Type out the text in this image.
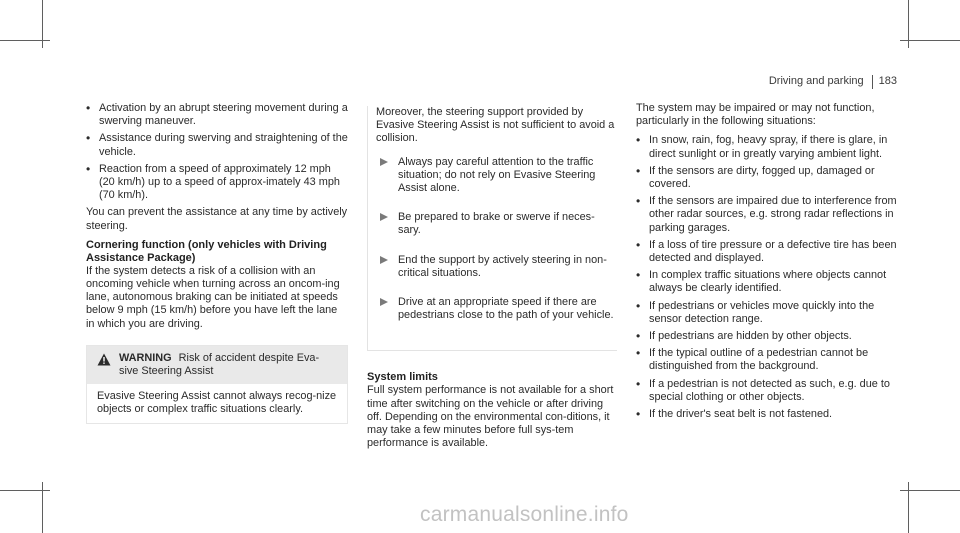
Driving and parking 183
• Activation by an abrupt steering movement during a swerving maneuver.
• Assistance during swerving and straightening of the vehicle.
• Reaction from a speed of approximately 12 mph (20 km/h) up to a speed of approx-imately 43 mph (70 km/h).

You can prevent the assistance at any time by actively steering.

Cornering function (only vehicles with Driving Assistance Package)

If the system detects a risk of a collision with an oncoming vehicle when turning across an oncom-ing lane, autonomous braking can be initiated at speeds below 9 mph (15 km/h) before you have left the lane in which you are driving.

WARNING Risk of accident despite Eva-sive Steering Assist
Evasive Steering Assist cannot always recog-nize objects or complex traffic situations clearly.

Moreover, the steering support provided by Evasive Steering Assist is not sufficient to avoid a collision.

Always pay careful attention to the traffic situation; do not rely on Evasive Steering Assist alone.
Be prepared to brake or swerve if neces-sary.
End the support by actively steering in non-critical situations.
Drive at an appropriate speed if there are pedestrians close to the path of your vehicle.
System limits

Full system performance is not available for a short time after switching on the vehicle or after driving off. Depending on the environmental con-ditions, it may take a few minutes before full sys-tem performance is available.

The system may be impaired or may not function, particularly in the following situations:

• In snow, rain, fog, heavy spray, if there is glare, in direct sunlight or in greatly varying ambient light.
• If the sensors are dirty, fogged up, damaged or covered.
• If the sensors are impaired due to interference from other radar sources, e.g. strong radar reflections in parking garages.
• If a loss of tire pressure or a defective tire has been detected and displayed.
• In complex traffic situations where objects cannot always be clearly identified.
• If pedestrians or vehicles move quickly into the sensor detection range.
• If pedestrians are hidden by other objects.
• If the typical outline of a pedestrian cannot be distinguished from the background.
• If a pedestrian is not detected as such, e.g. due to special clothing or other objects.
• If the driver's seat belt is not fastened.
carmanualsonline.info
